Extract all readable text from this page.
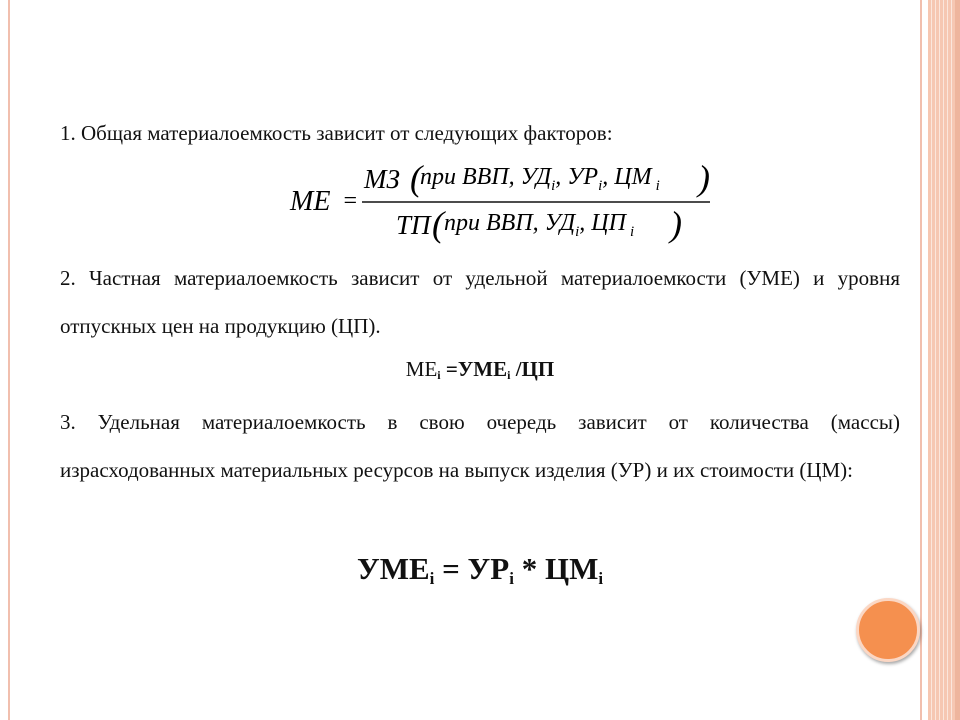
1. Общая материалоемкость зависит от следующих факторов:
МЕ =
МЗ (
при ВВП, $УД_i$, $УР_i$, ЦМ $_i$ )
ТП ( при ВВП, $УД_i$, ЦП $_i$ )
2. Частная материалоемкость зависит от удельной материалоемкости (УМЕ) и уровня отпускных цен на продукцию (ЦП).
$МЕ_i =УМЕ_i$ /ЦП
3. Удельная материалоемкость в свою очередь зависит от количества (массы) израсходованных материальных ресурсов на выпуск изделия (УР) и их стоимости (ЦМ):
УМЕi = УРi * ЦМi
